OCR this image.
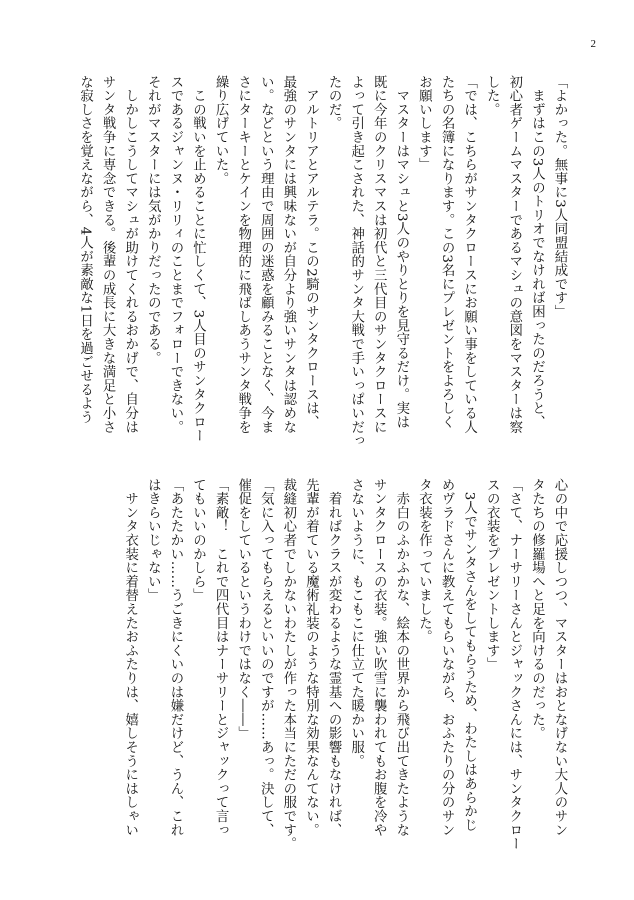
2
「よかった。無事に3人同盟結成です」
　まずはこの3人のトリオでなければ困ったのだろうと、
初心者ゲームマスターであるマシュの意図をマスターは察
した。
「では、こちらがサンタクロースにお願い事をしている人
たちの名簿になります。この3名にプレゼントをよろしく
お願いします」
　マスターはマシュと3人のやりとりを見守るだけ。実は
既に今年のクリスマスは初代と三代目のサンタクロースに
よって引き起こされた、神話的サンタ大戦で手いっぱいだっ
たのだ。
　アルトリアとアルテラ。この2騎のサンタクロースは、
最強のサンタには興味ないが自分より強いサンタは認めな
い。などという理由で周囲の迷惑を顧みることなく、今ま
さにターキーとケインを物理的に飛ばしあうサンタ戦争を
繰り広げていた。
　この戦いを止めることに忙しくて、3人目のサンタクロー
スであるジャンヌ・リリィのことまでフォローできない。
それがマスターには気がかりだったのである。
　しかしこうしてマシュが助けてくれるおかげで、自分は
サンタ戦争に専念できる。後輩の成長に大きな満足と小さ
な寂しさを覚えながら、4人が素敵な1日を過ごせるよう
心の中で応援しつつ、マスターはおとなげない大人のサン
タたちの修羅場へと足を向けるのだった。
「さて、ナーサリーさんとジャックさんには、サンタクロー
スの衣装をプレゼントします」
　3人でサンタさんをしてもらうため、わたしはあらかじ
めヴラドさんに教えてもらいながら、おふたりの分のサン
タ衣装を作っていました。
　赤白のふかふかな、絵本の世界から飛び出てきたような
サンタクロースの衣装。強い吹雪に襲われてもお腹を冷や
さないように、もこもこに仕立てた暖かい服。
　着ればクラスが変わるような霊基への影響もなければ、
先輩が着ている魔術礼装のような特別な効果なんてない。
裁縫初心者でしかないわたしが作った本当にただの服です。
「気に入ってもらえるといいのですが……あっ。決して、
催促をしているというわけではなく――」
「素敵！　これで四代目はナーサリーとジャックって言っ
てもいいのかしら」
「あたたかい……うごきにくいのは嫌だけど、うん、これ
はきらいじゃない」
　サンタ衣装に着替えたおふたりは、嬉しそうにはしゃい
